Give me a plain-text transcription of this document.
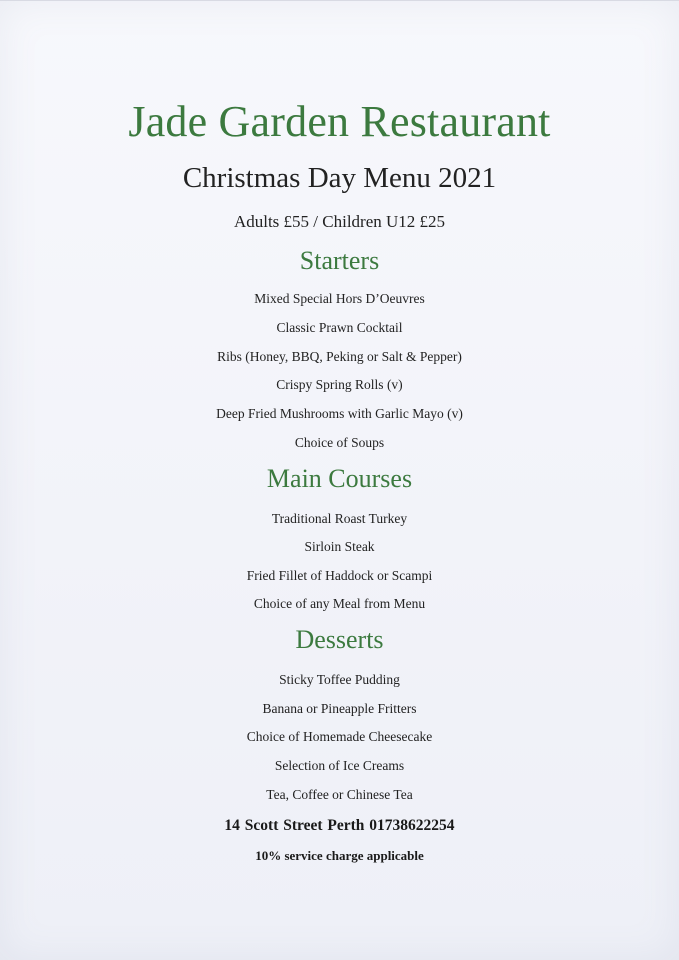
Jade Garden Restaurant
Christmas Day Menu 2021
Adults £55 / Children U12 £25
Starters
Mixed Special Hors D’Oeuvres
Classic Prawn Cocktail
Ribs (Honey, BBQ, Peking or Salt & Pepper)
Crispy Spring Rolls (v)
Deep Fried Mushrooms with Garlic Mayo (v)
Choice of Soups
Main Courses
Traditional Roast Turkey
Sirloin Steak
Fried Fillet of Haddock or Scampi
Choice of any Meal from Menu
Desserts
Sticky Toffee Pudding
Banana or Pineapple Fritters
Choice of Homemade Cheesecake
Selection of Ice Creams
Tea, Coffee or Chinese Tea
14 Scott Street Perth 01738622254
10% service charge applicable
